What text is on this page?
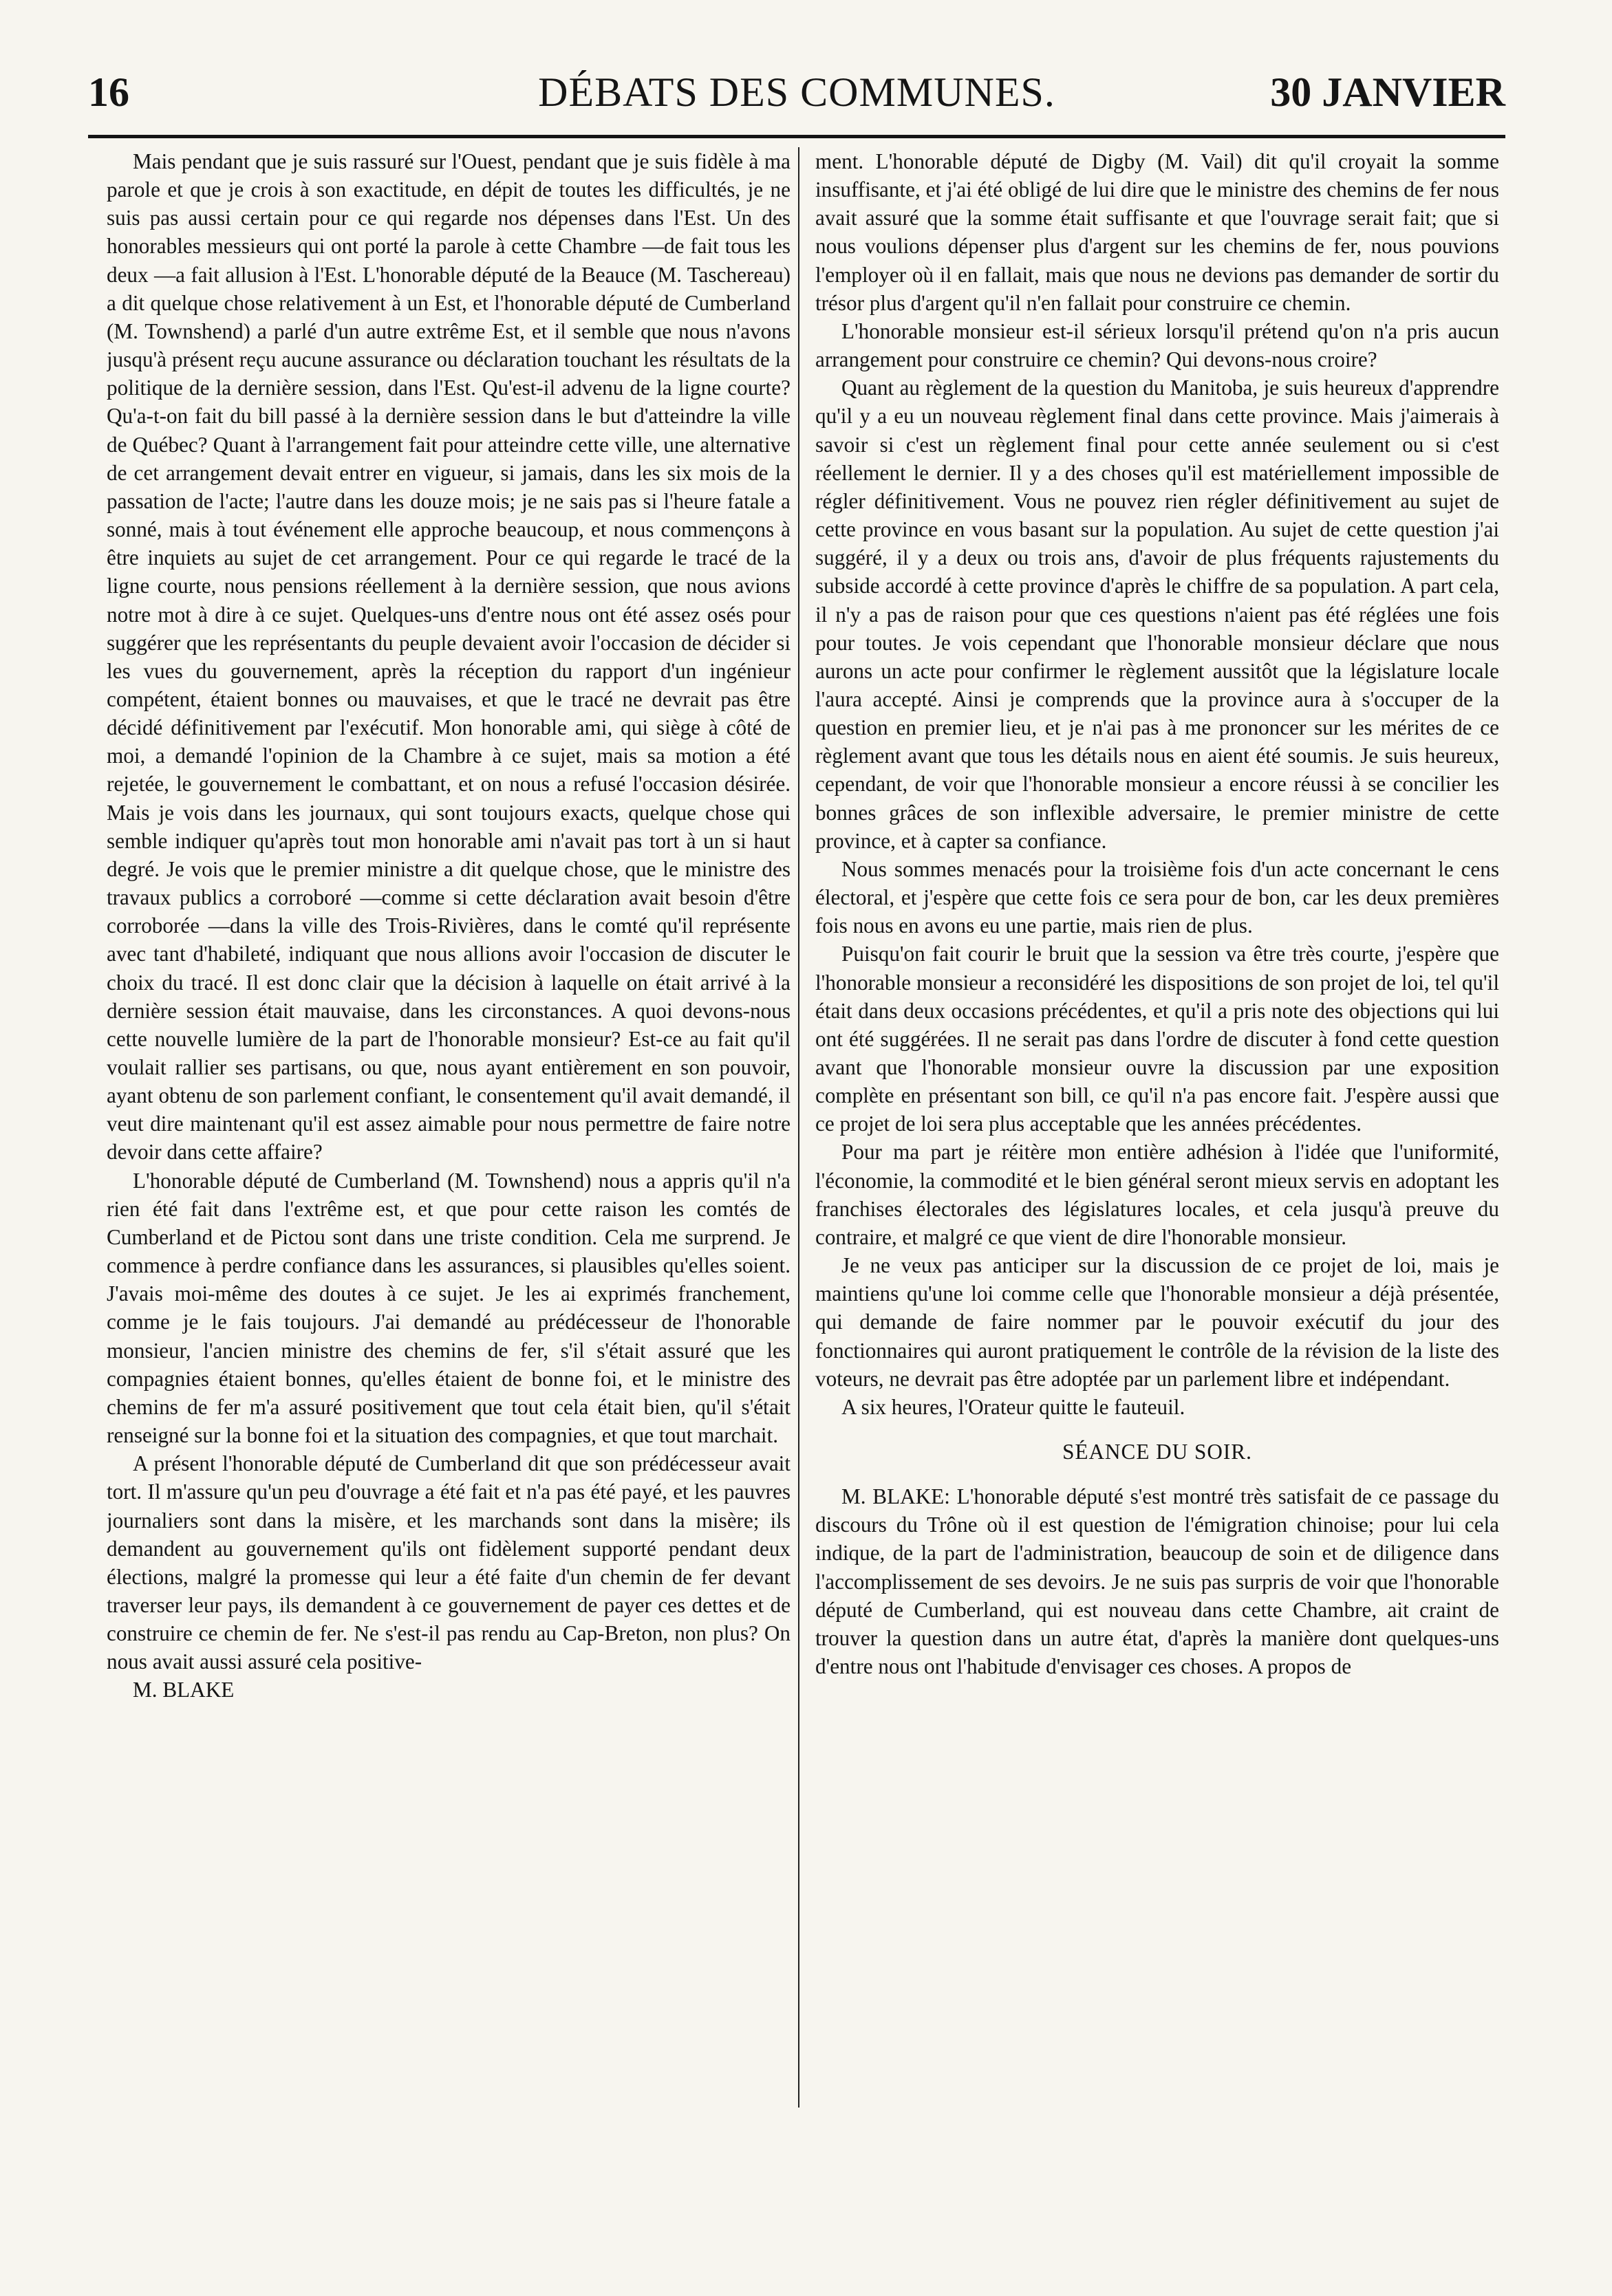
16	DÉBATS DES COMMUNES.	30 JANVIER

Mais pendant que je suis rassuré sur l'Ouest, pendant que je suis fidèle à ma parole et que je crois à son exactitude, en dépit de toutes les difficultés, je ne suis pas aussi certain pour ce qui regarde nos dépenses dans l'Est. Un des honorables messieurs qui ont porté la parole à cette Chambre —de fait tous les deux —a fait allusion à l'Est. L'honorable député de la Beauce (M. Taschereau) a dit quelque chose relativement à un Est, et l'honorable député de Cumberland (M. Townshend) a parlé d'un autre extrême Est, et il semble que nous n'avons jusqu'à présent reçu aucune assurance ou déclaration touchant les résultats de la politique de la dernière session, dans l'Est. Qu'est-il advenu de la ligne courte? Qu'a-t-on fait du bill passé à la dernière session dans le but d'atteindre la ville de Québec? Quant à l'arrangement fait pour atteindre cette ville, une alternative de cet arrangement devait entrer en vigueur, si jamais, dans les six mois de la passation de l'acte; l'autre dans les douze mois; je ne sais pas si l'heure fatale a sonné, mais à tout événement elle approche beaucoup, et nous commençons à être inquiets au sujet de cet arrangement. Pour ce qui regarde le tracé de la ligne courte, nous pensions réellement à la dernière session, que nous avions notre mot à dire à ce sujet. Quelques-uns d'entre nous ont été assez osés pour suggérer que les représentants du peuple devaient avoir l'occasion de décider si les vues du gouvernement, après la réception du rapport d'un ingénieur compétent, étaient bonnes ou mauvaises, et que le tracé ne devrait pas être décidé définitivement par l'exécutif. Mon honorable ami, qui siège à côté de moi, a demandé l'opinion de la Chambre à ce sujet, mais sa motion a été rejetée, le gouvernement le combattant, et on nous a refusé l'occasion désirée. Mais je vois dans les journaux, qui sont toujours exacts, quelque chose qui semble indiquer qu'après tout mon honorable ami n'avait pas tort à un si haut degré. Je vois que le premier ministre a dit quelque chose, que le ministre des travaux publics a corroboré —comme si cette déclaration avait besoin d'être corroborée —dans la ville des Trois-Rivières, dans le comté qu'il représente avec tant d'habileté, indiquant que nous allions avoir l'occasion de discuter le choix du tracé. Il est donc clair que la décision à laquelle on était arrivé à la dernière session était mauvaise, dans les circonstances. A quoi devons-nous cette nouvelle lumière de la part de l'honorable monsieur? Est-ce au fait qu'il voulait rallier ses partisans, ou que, nous ayant entièrement en son pouvoir, ayant obtenu de son parlement confiant, le consentement qu'il avait demandé, il veut dire maintenant qu'il est assez aimable pour nous permettre de faire notre devoir dans cette affaire?

L'honorable député de Cumberland (M. Townshend) nous a appris qu'il n'a rien été fait dans l'extrême est, et que pour cette raison les comtés de Cumberland et de Pictou sont dans une triste condition. Cela me surprend. Je commence à perdre confiance dans les assurances, si plausibles qu'elles soient. J'avais moi-même des doutes à ce sujet. Je les ai exprimés franchement, comme je le fais toujours. J'ai demandé au prédécesseur de l'honorable monsieur, l'ancien ministre des chemins de fer, s'il s'était assuré que les compagnies étaient bonnes, qu'elles étaient de bonne foi, et le ministre des chemins de fer m'a assuré positivement que tout cela était bien, qu'il s'était renseigné sur la bonne foi et la situation des compagnies, et que tout marchait.

A présent l'honorable député de Cumberland dit que son prédécesseur avait tort. Il m'assure qu'un peu d'ouvrage a été fait et n'a pas été payé, et les pauvres journaliers sont dans la misère, et les marchands sont dans la misère; ils demandent au gouvernement qu'ils ont fidèlement supporté pendant deux élections, malgré la promesse qui leur a été faite d'un chemin de fer devant traverser leur pays, ils demandent à ce gouvernement de payer ces dettes et de construire ce chemin de fer. Ne s'est-il pas rendu au Cap-Breton, non plus? On nous avait aussi assuré cela positive-

M. BLAKE

ment. L'honorable député de Digby (M. Vail) dit qu'il croyait la somme insuffisante, et j'ai été obligé de lui dire que le ministre des chemins de fer nous avait assuré que la somme était suffisante et que l'ouvrage serait fait; que si nous voulions dépenser plus d'argent sur les chemins de fer, nous pouvions l'employer où il en fallait, mais que nous ne devions pas demander de sortir du trésor plus d'argent qu'il n'en fallait pour construire ce chemin.

L'honorable monsieur est-il sérieux lorsqu'il prétend qu'on n'a pris aucun arrangement pour construire ce chemin? Qui devons-nous croire?

Quant au règlement de la question du Manitoba, je suis heureux d'apprendre qu'il y a eu un nouveau règlement final dans cette province. Mais j'aimerais à savoir si c'est un règlement final pour cette année seulement ou si c'est réellement le dernier. Il y a des choses qu'il est matériellement impossible de régler définitivement. Vous ne pouvez rien régler définitivement au sujet de cette province en vous basant sur la population. Au sujet de cette question j'ai suggéré, il y a deux ou trois ans, d'avoir de plus fréquents rajustements du subside accordé à cette province d'après le chiffre de sa population. A part cela, il n'y a pas de raison pour que ces questions n'aient pas été réglées une fois pour toutes. Je vois cependant que l'honorable monsieur déclare que nous aurons un acte pour confirmer le règlement aussitôt que la législature locale l'aura accepté. Ainsi je comprends que la province aura à s'occuper de la question en premier lieu, et je n'ai pas à me prononcer sur les mérites de ce règlement avant que tous les détails nous en aient été soumis. Je suis heureux, cependant, de voir que l'honorable monsieur a encore réussi à se concilier les bonnes grâces de son inflexible adversaire, le premier ministre de cette province, et à capter sa confiance.

Nous sommes menacés pour la troisième fois d'un acte concernant le cens électoral, et j'espère que cette fois ce sera pour de bon, car les deux premières fois nous en avons eu une partie, mais rien de plus.

Puisqu'on fait courir le bruit que la session va être très courte, j'espère que l'honorable monsieur a reconsidéré les dispositions de son projet de loi, tel qu'il était dans deux occasions précédentes, et qu'il a pris note des objections qui lui ont été suggérées. Il ne serait pas dans l'ordre de discuter à fond cette question avant que l'honorable monsieur ouvre la discussion par une exposition complète en présentant son bill, ce qu'il n'a pas encore fait. J'espère aussi que ce projet de loi sera plus acceptable que les années précédentes.

Pour ma part je réitère mon entière adhésion à l'idée que l'uniformité, l'économie, la commodité et le bien général seront mieux servis en adoptant les franchises électorales des législatures locales, et cela jusqu'à preuve du contraire, et malgré ce que vient de dire l'honorable monsieur.

Je ne veux pas anticiper sur la discussion de ce projet de loi, mais je maintiens qu'une loi comme celle que l'honorable monsieur a déjà présentée, qui demande de faire nommer par le pouvoir exécutif du jour des fonctionnaires qui auront pratiquement le contrôle de la révision de la liste des voteurs, ne devrait pas être adoptée par un parlement libre et indépendant.

A six heures, l'Orateur quitte le fauteuil.

SÉANCE DU SOIR.

M. BLAKE: L'honorable député s'est montré très satisfait de ce passage du discours du Trône où il est question de l'émigration chinoise; pour lui cela indique, de la part de l'administration, beaucoup de soin et de diligence dans l'accomplissement de ses devoirs. Je ne suis pas surpris de voir que l'honorable député de Cumberland, qui est nouveau dans cette Chambre, ait craint de trouver la question dans un autre état, d'après la manière dont quelques-uns d'entre nous ont l'habitude d'envisager ces choses. A propos de
